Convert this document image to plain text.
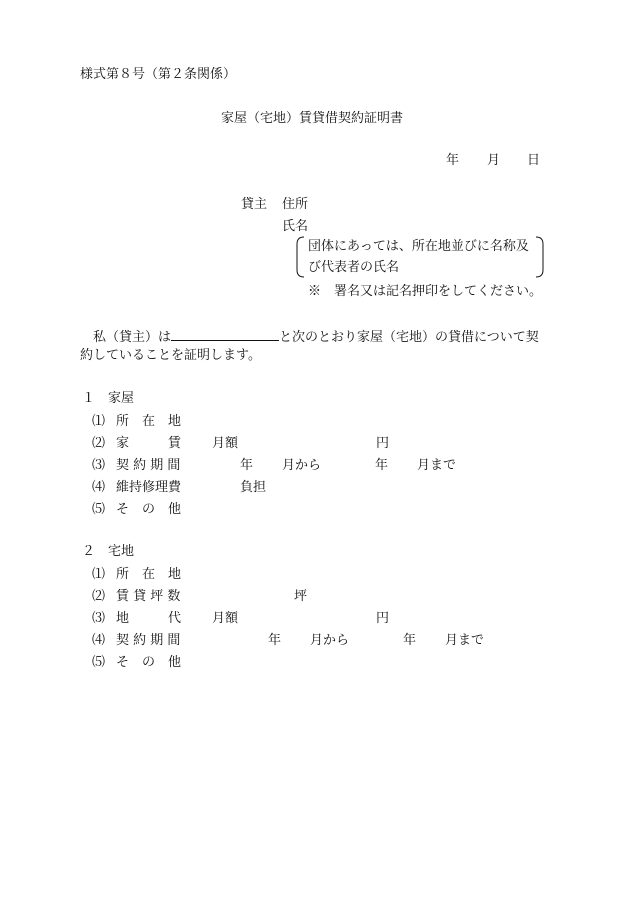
様式第８号（第２条関係）
家屋（宅地）賃貸借契約証明書
年 月 日
貸主 住所
氏名
団体にあっては、所在地並びに名称及
び代表者の氏名
※　署名又は記名押印をしてください。
私（貸主）は	と次のとおり家屋（宅地）の貸借について契
約していることを証明します。
１　家屋
⑴ 所　在　地
⑵ 家　　　賃 月額	円
⑶ 契 約 期 間	年 月から	年 月まで
⑷ 維持修理費	負担
⑸ そ　の　他
２　宅地
⑴ 所　在　地
⑵ 賃 貸 坪 数	坪
⑶ 地　　　代 月額	円
⑷ 契 約 期 間	年 月から	年 月まで
⑸ そ　の　他
